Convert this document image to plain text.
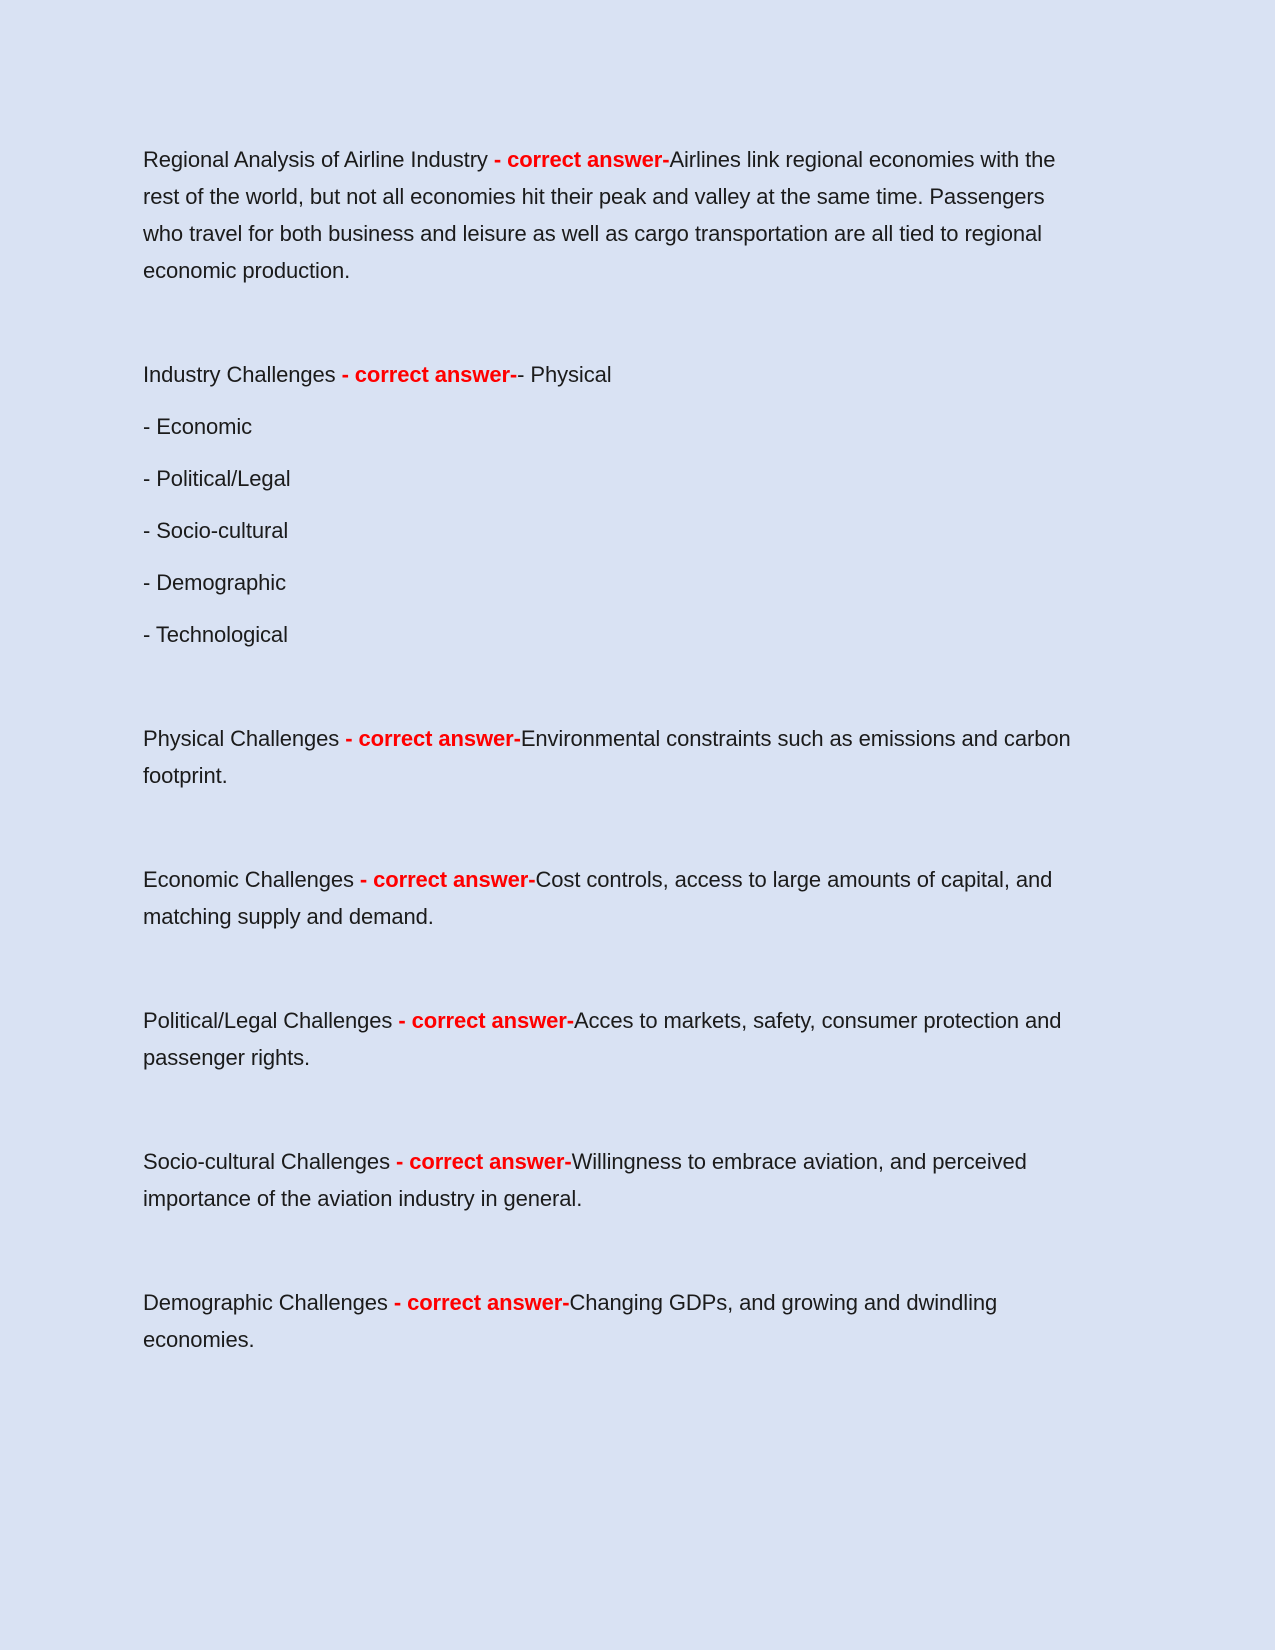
Regional Analysis of Airline Industry - correct answer-Airlines link regional economies with the rest of the world, but not all economies hit their peak and valley at the same time. Passengers who travel for both business and leisure as well as cargo transportation are all tied to regional economic production.

Industry Challenges - correct answer-- Physical

- Economic

- Political/Legal

- Socio-cultural

- Demographic

- Technological

Physical Challenges - correct answer-Environmental constraints such as emissions and carbon footprint.

Economic Challenges - correct answer-Cost controls, access to large amounts of capital, and matching supply and demand.

Political/Legal Challenges - correct answer-Acces to markets, safety, consumer protection and passenger rights.

Socio-cultural Challenges - correct answer-Willingness to embrace aviation, and perceived importance of the aviation industry in general.

Demographic Challenges - correct answer-Changing GDPs, and growing and dwindling economies.
